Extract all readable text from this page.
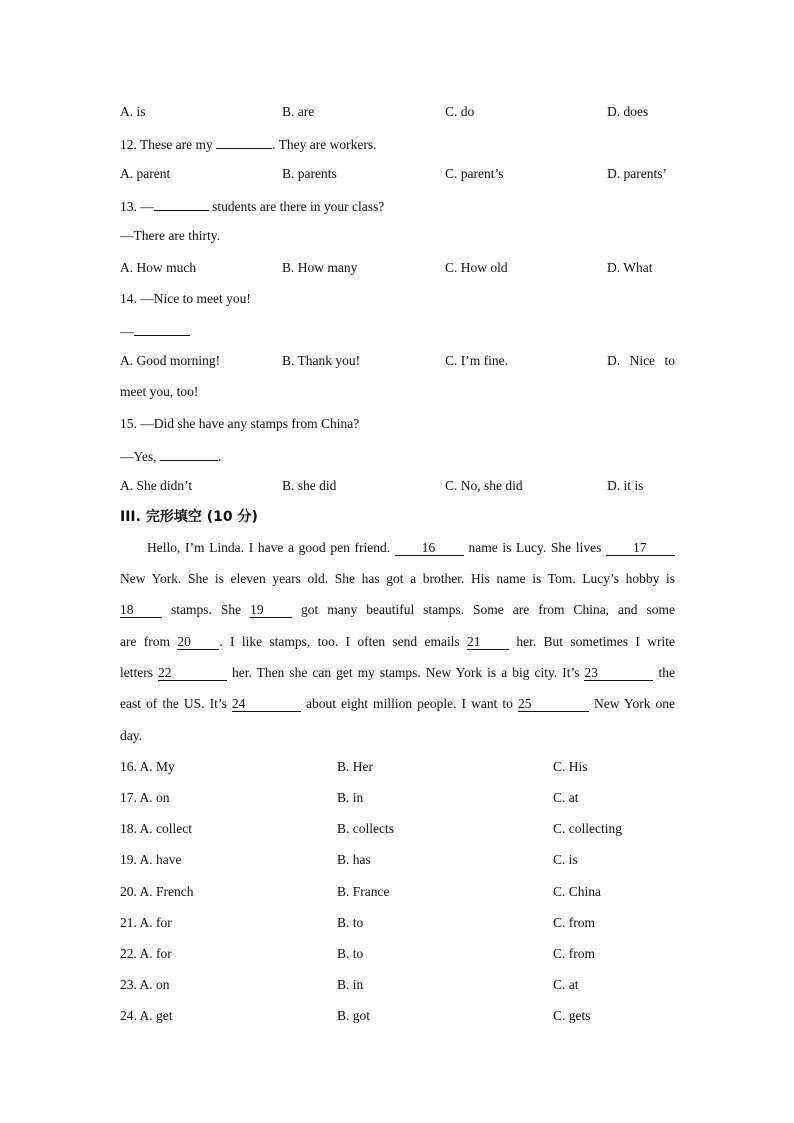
A. is	B. are	C. do	D. does
12. These are my	. They are workers.
A. parent	B. parents	C. parent’s	D. parents’
13. —	students are there in your class?
—There are thirty.
A. How much	B. How many	C. How old	D. What
14. —Nice to meet you!
—
A. Good morning!	B. Thank you!	C. I’m fine.	D. Nice to
meet you, too!
15. —Did she have any stamps from China?
—Yes,	.
A. She didn’t	B. she did	C. No, she did	D. it is
III. 完形填空 (10 分)
Hello, I’m Linda. I have a good pen friend. 16 name is Lucy. She lives 17
New York. She is eleven years old. She has got a brother. His name is Tom. Lucy’s hobby is
18 stamps. She 19 got many beautiful stamps. Some are from China, and some
are from 20 . I like stamps, too. I often send emails 21 her. But sometimes I write
letters 22	her. Then she can get my stamps. New York is a big city. It’s 23	the
east of the US. It’s 24	about eight million people. I want to 25	New York one
day.
16. A. My	B. Her	C. His
17. A. on	B. in	C. at
18. A. collect	B. collects	C. collecting
19. A. have	B. has	C. is
20. A. French	B. France	C. China
21. A. for	B. to	C. from
22. A. for	B. to	C. from
23. A. on	B. in	C. at
24. A. get	B. got	C. gets
